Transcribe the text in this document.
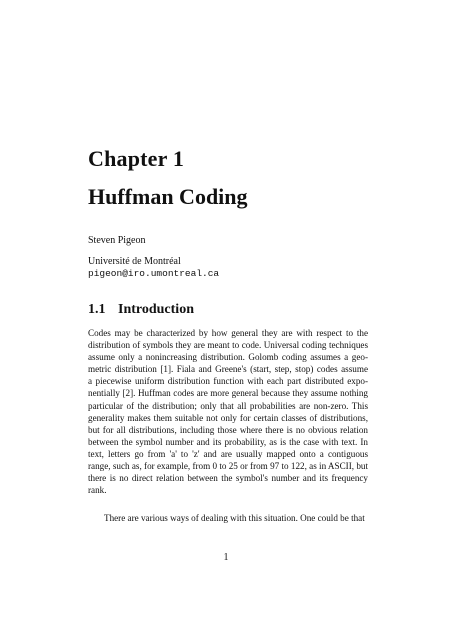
Chapter 1
Huffman Coding
Steven Pigeon
Université de Montréal
pigeon@iro.umontreal.ca
1.1 Introduction
Codes may be characterized by how general they are with respect to the
distribution of symbols they are meant to code. Universal coding techniques
assume only a nonincreasing distribution. Golomb coding assumes a geo-
metric distribution [1]. Fiala and Greene's (start, step, stop) codes assume
a piecewise uniform distribution function with each part distributed expo-
nentially [2]. Huffman codes are more general because they assume nothing
particular of the distribution; only that all probabilities are non-zero. This
generality makes them suitable not only for certain classes of distributions,
but for all distributions, including those where there is no obvious relation
between the symbol number and its probability, as is the case with text. In
text, letters go from 'a' to 'z' and are usually mapped onto a contiguous
range, such as, for example, from 0 to 25 or from 97 to 122, as in ASCII, but
there is no direct relation between the symbol's number and its frequency
rank.
There are various ways of dealing with this situation. One could be that
1
